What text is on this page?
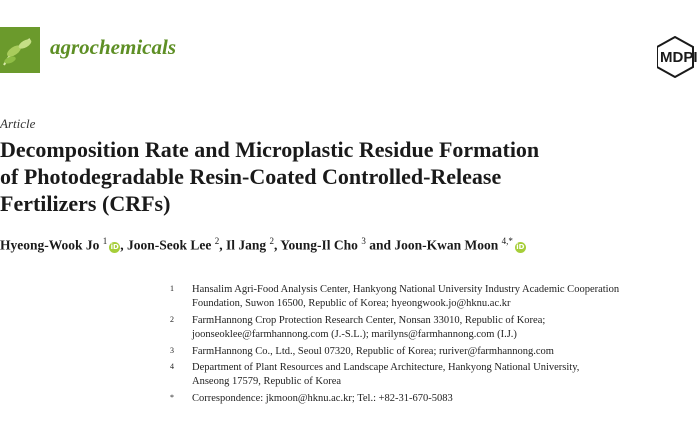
agrochemicals	MDPI
Article
Decomposition Rate and Microplastic Residue Formation
of Photodegradable Resin-Coated Controlled-Release
Fertilizers (CRFs)
Hyeong-Wook Jo $^1$iD, Joon-Seok Lee $^2$, Il Jang $^2$, Young-Il Cho $^3$ and Joon-Kwan Moon $^{4,*}$iD
1 Hansalim Agri-Food Analysis Center, Hankyong National University Industry Academic Cooperation
Foundation, Suwon 16500, Republic of Korea; hyeongwook.jo@hknu.ac.kr
2 FarmHannong Crop Protection Research Center, Nonsan 33010, Republic of Korea;
joonseoklee@farmhannong.com (J.-S.L.); marilyns@farmhannong.com (I.J.)
3 FarmHannong Co., Ltd., Seoul 07320, Republic of Korea; ruriver@farmhannong.com
4 Department of Plant Resources and Landscape Architecture, Hankyong National University,
Anseong 17579, Republic of Korea
* Correspondence: jkmoon@hknu.ac.kr; Tel.: +82-31-670-5083
